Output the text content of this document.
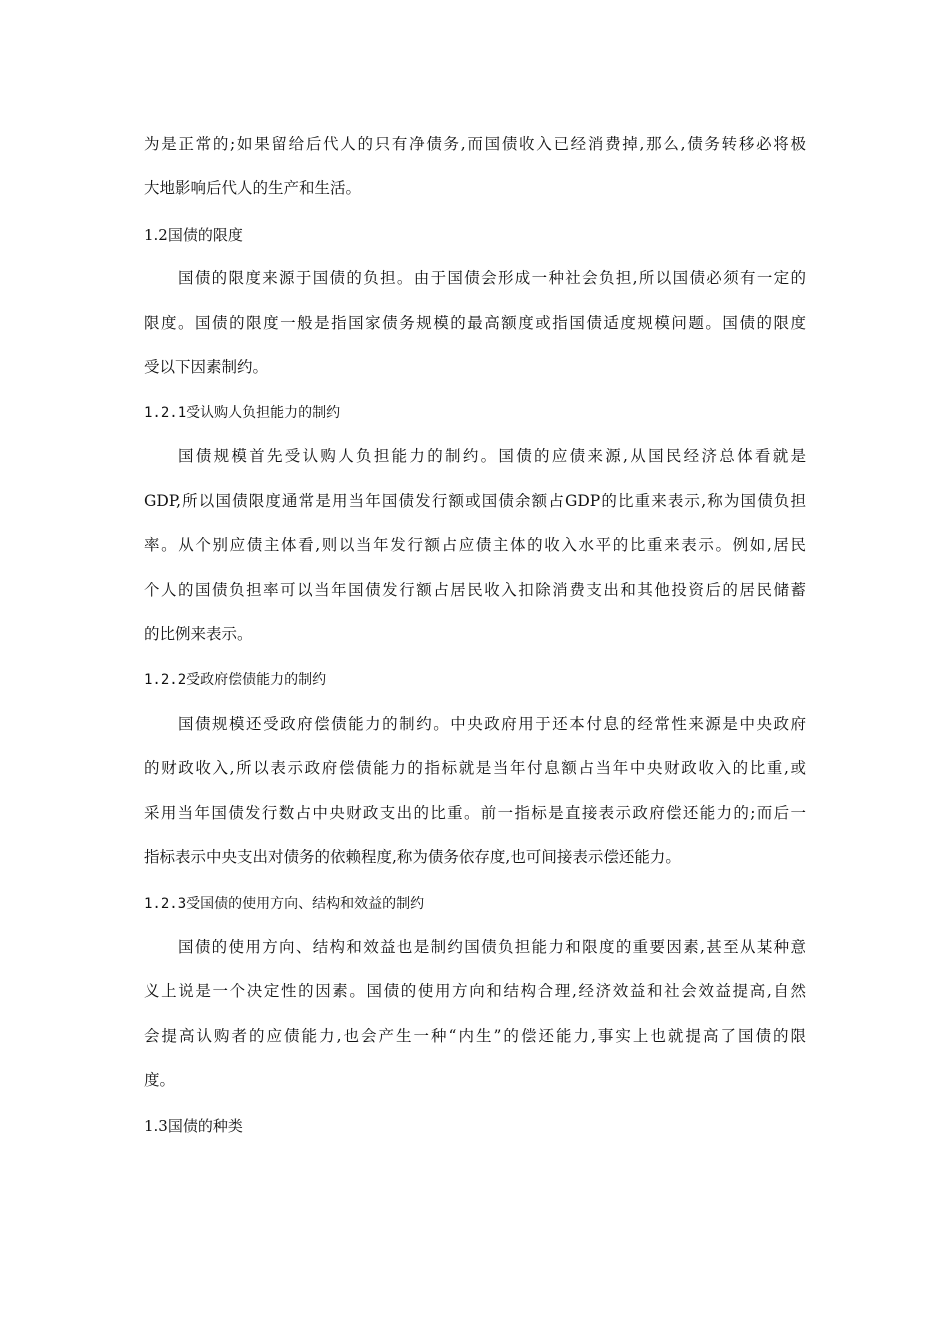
为是正常的;如果留给后代人的只有净债务,而国债收入已经消费掉,那么,债务转移必将极
大地影响后代人的生产和生活。
1.2国债的限度
国债的限度来源于国债的负担。由于国债会形成一种社会负担,所以国债必须有一定的
限度。国债的限度一般是指国家债务规模的最高额度或指国债适度规模问题。国债的限度
受以下因素制约。
1.2.1受认购人负担能力的制约
国债规模首先受认购人负担能力的制约。国债的应债来源,从国民经济总体看就是
GDP,所以国债限度通常是用当年国债发行额或国债余额占GDP的比重来表示,称为国债负担
率。从个别应债主体看,则以当年发行额占应债主体的收入水平的比重来表示。例如,居民
个人的国债负担率可以当年国债发行额占居民收入扣除消费支出和其他投资后的居民储蓄
的比例来表示。
1.2.2受政府偿债能力的制约
国债规模还受政府偿债能力的制约。中央政府用于还本付息的经常性来源是中央政府
的财政收入,所以表示政府偿债能力的指标就是当年付息额占当年中央财政收入的比重,或
采用当年国债发行数占中央财政支出的比重。前一指标是直接表示政府偿还能力的;而后一
指标表示中央支出对债务的依赖程度,称为债务依存度,也可间接表示偿还能力。
1.2.3受国债的使用方向、结构和效益的制约
国债的使用方向、结构和效益也是制约国债负担能力和限度的重要因素,甚至从某种意
义上说是一个决定性的因素。国债的使用方向和结构合理,经济效益和社会效益提高,自然
会提高认购者的应债能力,也会产生一种“内生”的偿还能力,事实上也就提高了国债的限
度。
1.3国债的种类
